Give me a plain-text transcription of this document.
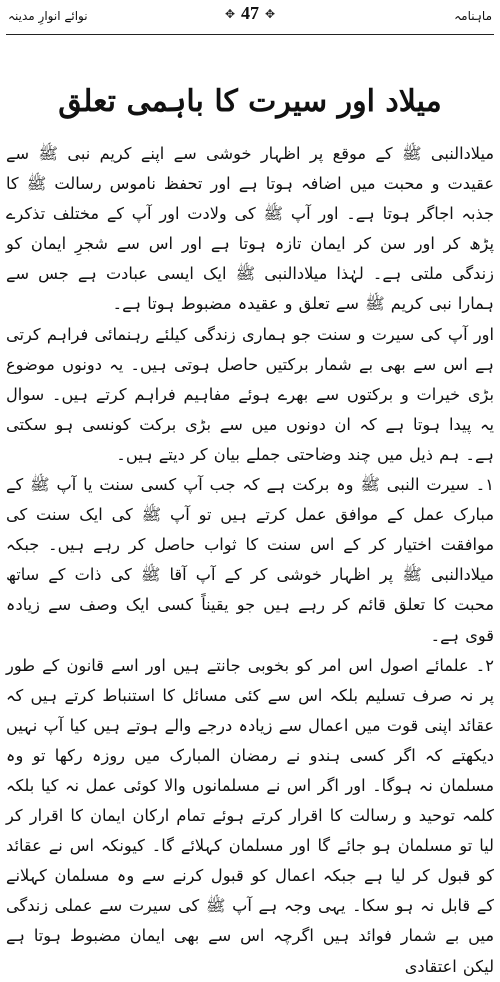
ماہنامہ
✥ 47 ✥
نوائے انوارِ مدینہ
میلاد اور سیرت کا باہمی تعلق

میلادالنبی ﷺ کے موقع پر اظہار خوشی سے اپنے کریم نبی ﷺ سے عقیدت و محبت میں اضافہ ہوتا ہے اور تحفظ ناموس رسالت ﷺ کا جذبہ اجاگر ہوتا ہے۔ اور آپ ﷺ کی ولادت اور آپ کے مختلف تذکرے پڑھ کر اور سن کر ایمان تازہ ہوتا ہے اور اس سے شجرِ ایمان کو زندگی ملتی ہے۔ لہٰذا میلادالنبی ﷺ ایک ایسی عبادت ہے جس سے ہمارا نبی کریم ﷺ سے تعلق و عقیدہ مضبوط ہوتا ہے۔

اور آپ کی سیرت و سنت جو ہماری زندگی کیلئے رہنمائی فراہم کرتی ہے اس سے بھی بے شمار برکتیں حاصل ہوتی ہیں۔ یہ دونوں موضوع بڑی خیرات و برکتوں سے بھرے ہوئے مفاہیم فراہم کرتے ہیں۔ سوال یہ پیدا ہوتا ہے کہ ان دونوں میں سے بڑی برکت کونسی ہو سکتی ہے۔ ہم ذیل میں چند وضاحتی جملے بیان کر دیتے ہیں۔

۱۔ سیرت النبی ﷺ وہ برکت ہے کہ جب آپ کسی سنت یا آپ ﷺ کے مبارک عمل کے موافق عمل کرتے ہیں تو آپ ﷺ کی ایک سنت کی موافقت اختیار کر کے اس سنت کا ثواب حاصل کر رہے ہیں۔ جبکہ میلادالنبی ﷺ پر اظہار خوشی کر کے آپ آقا ﷺ کی ذات کے ساتھ محبت کا تعلق قائم کر رہے ہیں جو یقیناً کسی ایک وصف سے زیادہ قوی ہے۔

۲۔ علمائے اصول اس امر کو بخوبی جانتے ہیں اور اسے قانون کے طور پر نہ صرف تسلیم بلکہ اس سے کئی مسائل کا استنباط کرتے ہیں کہ عقائد اپنی قوت میں اعمال سے زیادہ درجے والے ہوتے ہیں کیا آپ نہیں دیکھتے کہ اگر کسی ہندو نے رمضان المبارک میں روزہ رکھا تو وہ مسلمان نہ ہوگا۔ اور اگر اس نے مسلمانوں والا کوئی عمل نہ کیا بلکہ کلمہ توحید و رسالت کا اقرار کرتے ہوئے تمام ارکان ایمان کا اقرار کر لیا تو مسلمان ہو جائے گا اور مسلمان کہلائے گا۔ کیونکہ اس نے عقائد کو قبول کر لیا ہے جبکہ اعمال کو قبول کرنے سے وہ مسلمان کہلانے کے قابل نہ ہو سکا۔ یہی وجہ ہے آپ ﷺ کی سیرت سے عملی زندگی میں بے شمار فوائد ہیں اگرچہ اس سے بھی ایمان مضبوط ہوتا ہے لیکن اعتقادی
